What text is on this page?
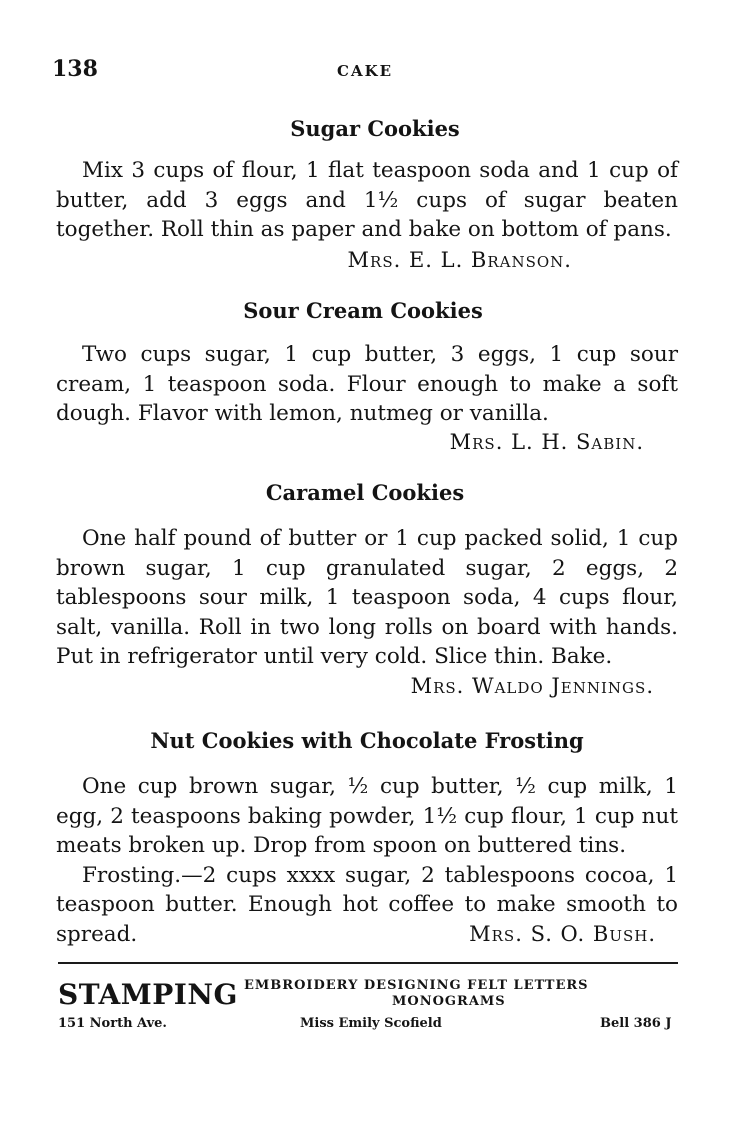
138	CAKE
Sugar Cookies

Mix 3 cups of flour, 1 flat teaspoon soda and 1 cup of butter, add 3 eggs and 1½ cups of sugar beaten together. Roll thin as paper and bake on bottom of pans.

Mrs. E. L. Branson.
Sour Cream Cookies

Two cups sugar, 1 cup butter, 3 eggs, 1 cup sour cream, 1 teaspoon soda. Flour enough to make a soft dough. Flavor with lemon, nutmeg or vanilla.

Mrs. L. H. Sabin.
Caramel Cookies

One half pound of butter or 1 cup packed solid, 1 cup brown sugar, 1 cup granulated sugar, 2 eggs, 2 tablespoons sour milk, 1 teaspoon soda, 4 cups flour, salt, vanilla. Roll in two long rolls on board with hands. Put in refrigerator until very cold. Slice thin. Bake.

Mrs. Waldo Jennings.
Nut Cookies with Chocolate Frosting

One cup brown sugar, ½ cup butter, ½ cup milk, 1 egg, 2 teaspoons baking powder, 1½ cup flour, 1 cup nut meats broken up. Drop from spoon on buttered tins.

Frosting.—2 cups xxxx sugar, 2 tablespoons cocoa, 1 teaspoon butter. Enough hot coffee to make smooth to spread.	Mrs. S. O. Bush.
STAMPING EMBROIDERY DESIGNING FELT LETTERS
MONOGRAMS
151 North Ave.	Miss Emily Scofield	Bell 386 J
